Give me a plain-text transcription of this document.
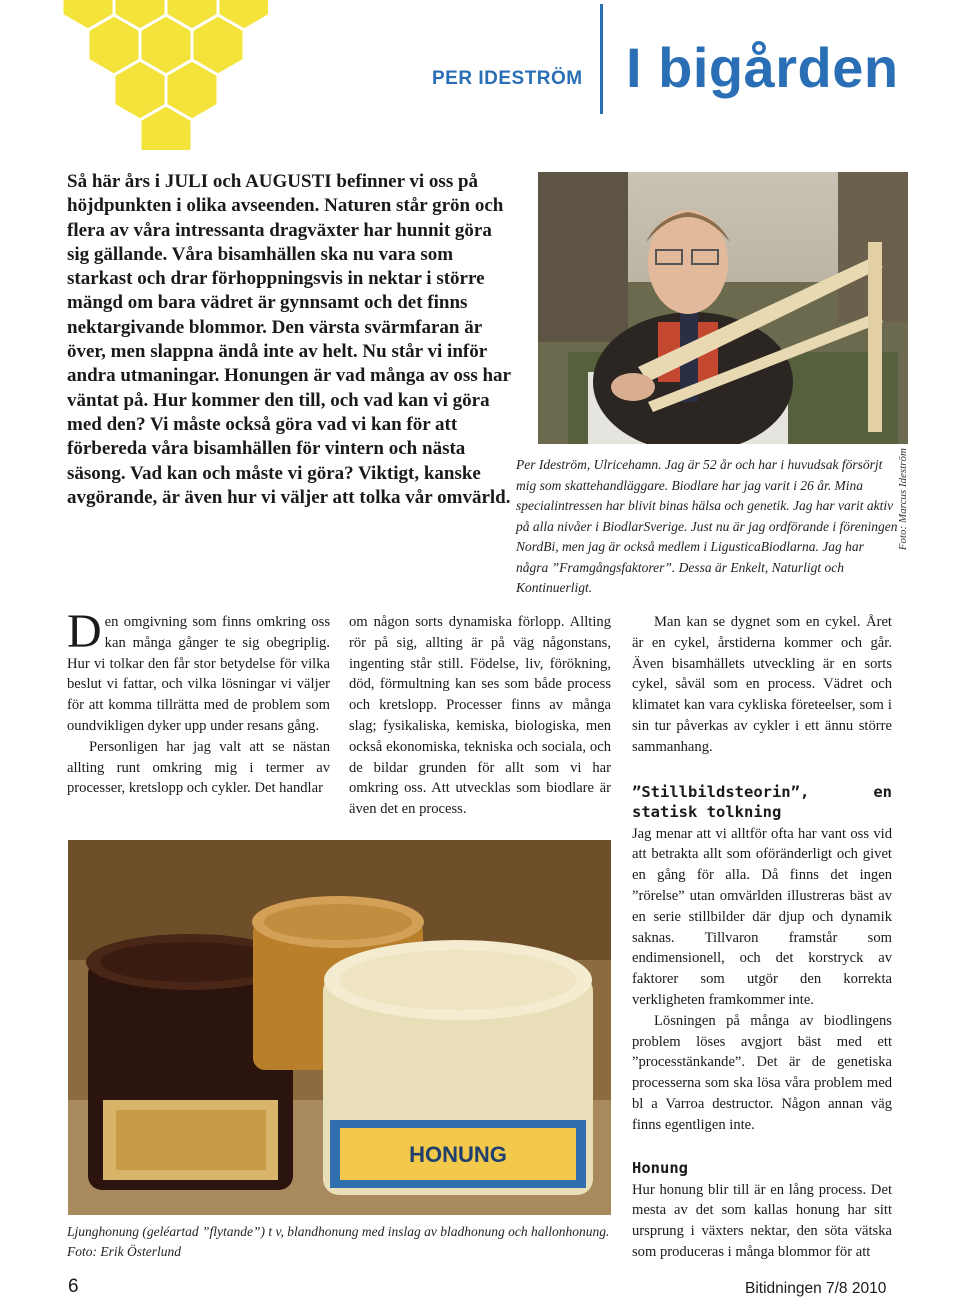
PER IDESTRÖM I bigården
Så här års i JULI och AUGUSTI befinner vi oss på höjdpunkten i olika avseenden. Naturen står grön och flera av våra intressanta dragväxter har hunnit göra sig gällande. Våra bisamhällen ska nu vara som starkast och drar förhoppningsvis in nektar i större mängd om bara vädret är gynnsamt och det finns nektargivande blommor. Den värsta svärmfaran är över, men slappna ändå inte av helt. Nu står vi inför andra utmaningar. Honungen är vad många av oss har väntat på. Hur kommer den till, och vad kan vi göra med den? Vi måste också göra vad vi kan för att förbereda våra bisamhällen för vintern och nästa säsong. Vad kan och måste vi göra? Viktigt, kanske avgörande, är även hur vi väljer att tolka vår omvärld.	Foto: Marcus Ideström
Per Ideström, Ulricehamn. Jag är 52 år och har i huvudsak försörjt mig som skattehandläggare. Biodlare har jag varit i 26 år. Mina specialintressen har blivit binas hälsa och genetik. Jag har varit aktiv på alla nivåer i BiodlarSverige. Just nu är jag ordförande i föreningen NordBi, men jag är också medlem i LigusticaBiodlarna. Jag har några ”Framgångsfaktorer”. Dessa är Enkelt, Naturligt och Kontinuerligt.

Den omgivning som finns omkring oss kan många gånger te sig obegriplig. Hur vi tolkar den får stor betydelse för vilka beslut vi fattar, och vilka lösningar vi väljer för att komma tillrätta med de problem som oundvikligen dyker upp under resans gång.

Personligen har jag valt att se nästan allting runt omkring mig i termer av processer, kretslopp och cykler. Det handlar

om någon sorts dynamiska förlopp. Allting rör på sig, allting är på väg någonstans, ingenting står still. Födelse, liv, förökning, död, förmultning kan ses som både process och kretslopp. Processer finns av många slag; fysikaliska, kemiska, biologiska, men också ekonomiska, tekniska och sociala, och de bildar grunden för allt som vi har omkring oss. Att utvecklas som biodlare är även det en process.

Man kan se dygnet som en cykel. Året är en cykel, årstiderna kommer och går. Även bisamhällets utveckling är en sorts cykel, såväl som en process. Vädret och klimatet kan vara cykliska företeelser, som i sin tur påverkas av cykler i ett ännu större sammanhang.

”Stillbildsteorin”, en statisk tolkning

Jag menar att vi alltför ofta har vant oss vid att betrakta allt som oföränderligt och givet en gång för alla. Då finns det ingen ”rörelse” utan omvärlden illustreras bäst av en serie stillbilder där djup och dynamik saknas. Tillvaron framstår som endimensionell, och det korstryck av faktorer som utgör den korrekta verkligheten framkommer inte.

Lösningen på många av biodlingens problem löses avgjort bäst med ett ”processtänkande”. Det är de genetiska processerna som ska lösa våra problem med bl a Varroa destructor. Någon annan väg finns egentligen inte.

Honung

Hur honung blir till är en lång process. Det mesta av det som kallas honung har sitt ursprung i växters nektar, den söta vätska som produceras i många blommor för att

HONUNG
Ljunghonung (geléartad ”flytande”) t v, blandhonung med inslag av bladhonung och hallonhonung. Foto: Erik Österlund
6	Bitidningen 7/8 2010
